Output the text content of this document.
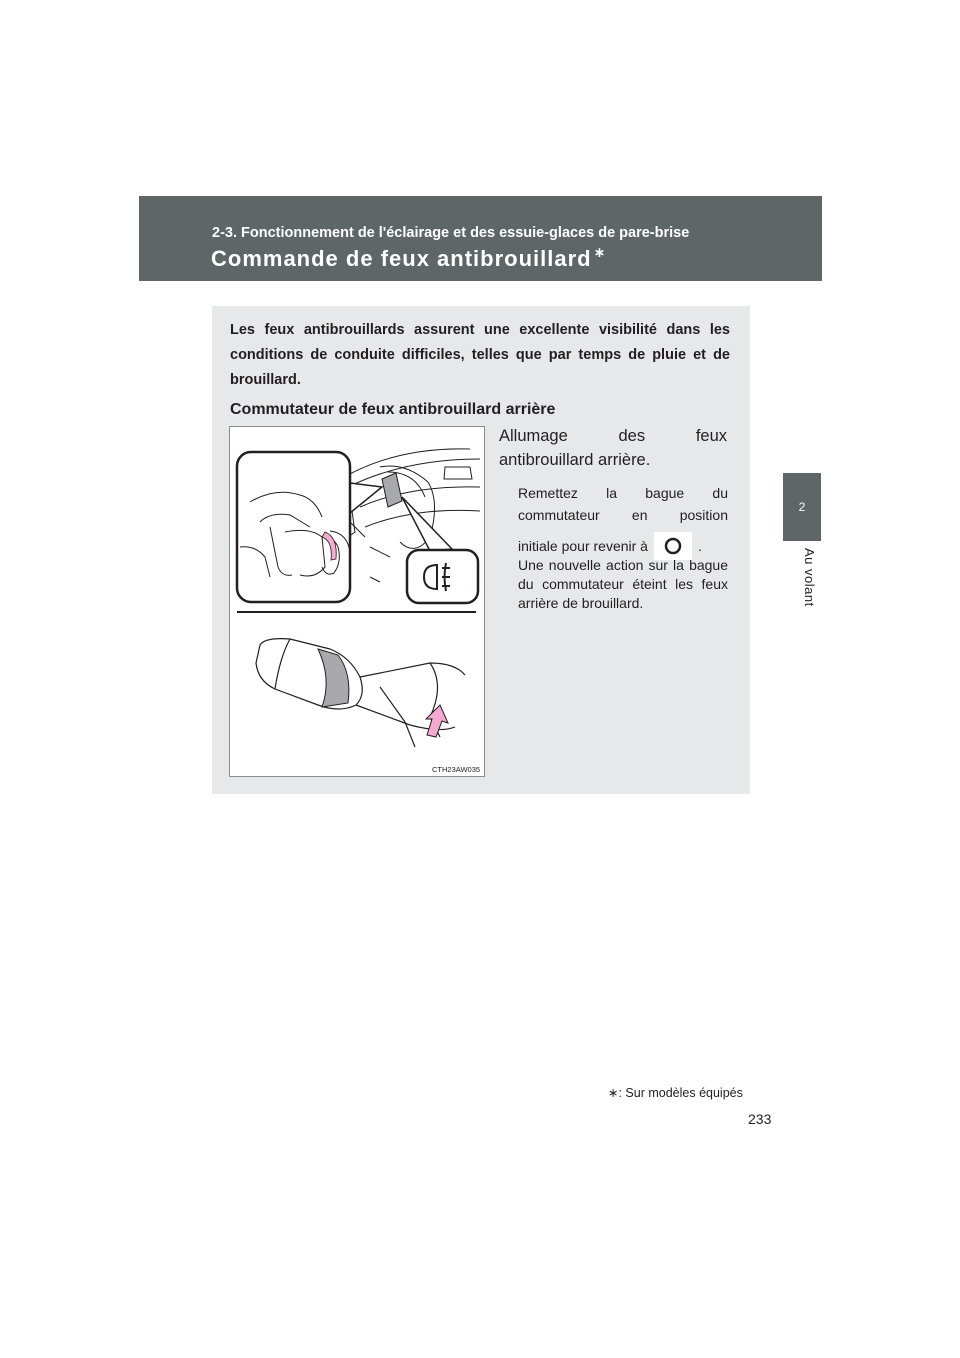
2-3. Fonctionnement de l'éclairage et des essuie-glaces de pare-brise
Commande de feux antibrouillard ∗
2
Au volant
Les feux antibrouillards assurent une excellente visibilité dans les conditions de conduite difficiles, telles que par temps de pluie et de brouillard.
Commutateur de feux antibrouillard arrière
CTH23AW035
Allumage	des	feux
antibrouillard arrière.
Remettez la bague du
commutateur en position
initiale pour revenir à	.
Une nouvelle action sur la bague du commutateur éteint les feux arrière de brouillard.
∗: Sur modèles équipés
233
